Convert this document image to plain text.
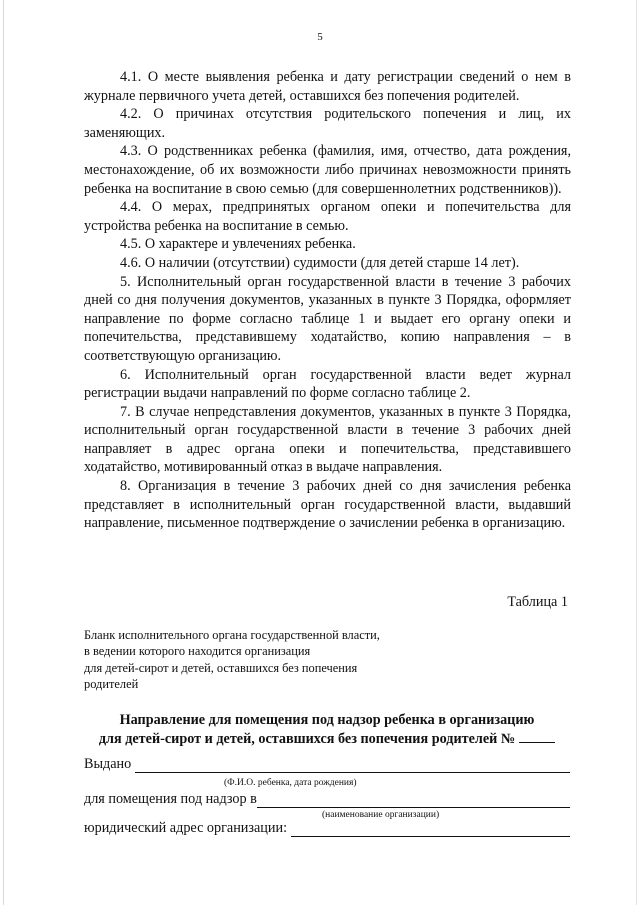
5

4.1. О месте выявления ребенка и дату регистрации сведений о нем в журнале первичного учета детей, оставшихся без попечения родителей.

4.2. О причинах отсутствия родительского попечения и лиц, их заменяющих.

4.3. О родственниках ребенка (фамилия, имя, отчество, дата рождения, местонахождение, об их возможности либо причинах невозможности принять ребенка на воспитание в свою семью (для совершеннолетних родственников)).

4.4. О мерах, предпринятых органом опеки и попечительства для устройства ребенка на воспитание в семью.

4.5. О характере и увлечениях ребенка.

4.6. О наличии (отсутствии) судимости (для детей старше 14 лет).

5. Исполнительный орган государственной власти в течение 3 рабочих дней со дня получения документов, указанных в пункте 3 Порядка, оформляет направление по форме согласно таблице 1 и выдает его органу опеки и попечительства, представившему ходатайство, копию направления – в соответствующую организацию.

6. Исполнительный орган государственной власти ведет журнал регистрации выдачи направлений по форме согласно таблице 2.

7. В случае непредставления документов, указанных в пункте 3 Порядка, исполнительный орган государственной власти в течение 3 рабочих дней направляет в адрес органа опеки и попечительства, представившего ходатайство, мотивированный отказ в выдаче направления.

8. Организация в течение 3 рабочих дней со дня зачисления ребенка представляет в исполнительный орган государственной власти, выдавший направление, письменное подтверждение о зачислении ребенка в организацию.

Таблица 1
Бланк исполнительного органа государственной власти,
в ведении которого находится организация
для детей-сирот и детей, оставшихся без попечения
родителей
Направление для помещения под надзор ребенка в организацию
для детей-сирот и детей, оставшихся без попечения родителей №
Выдано
(Ф.И.О. ребенка, дата рождения)
для помещения под надзор в
(наименование организации)
юридический адрес организации:
